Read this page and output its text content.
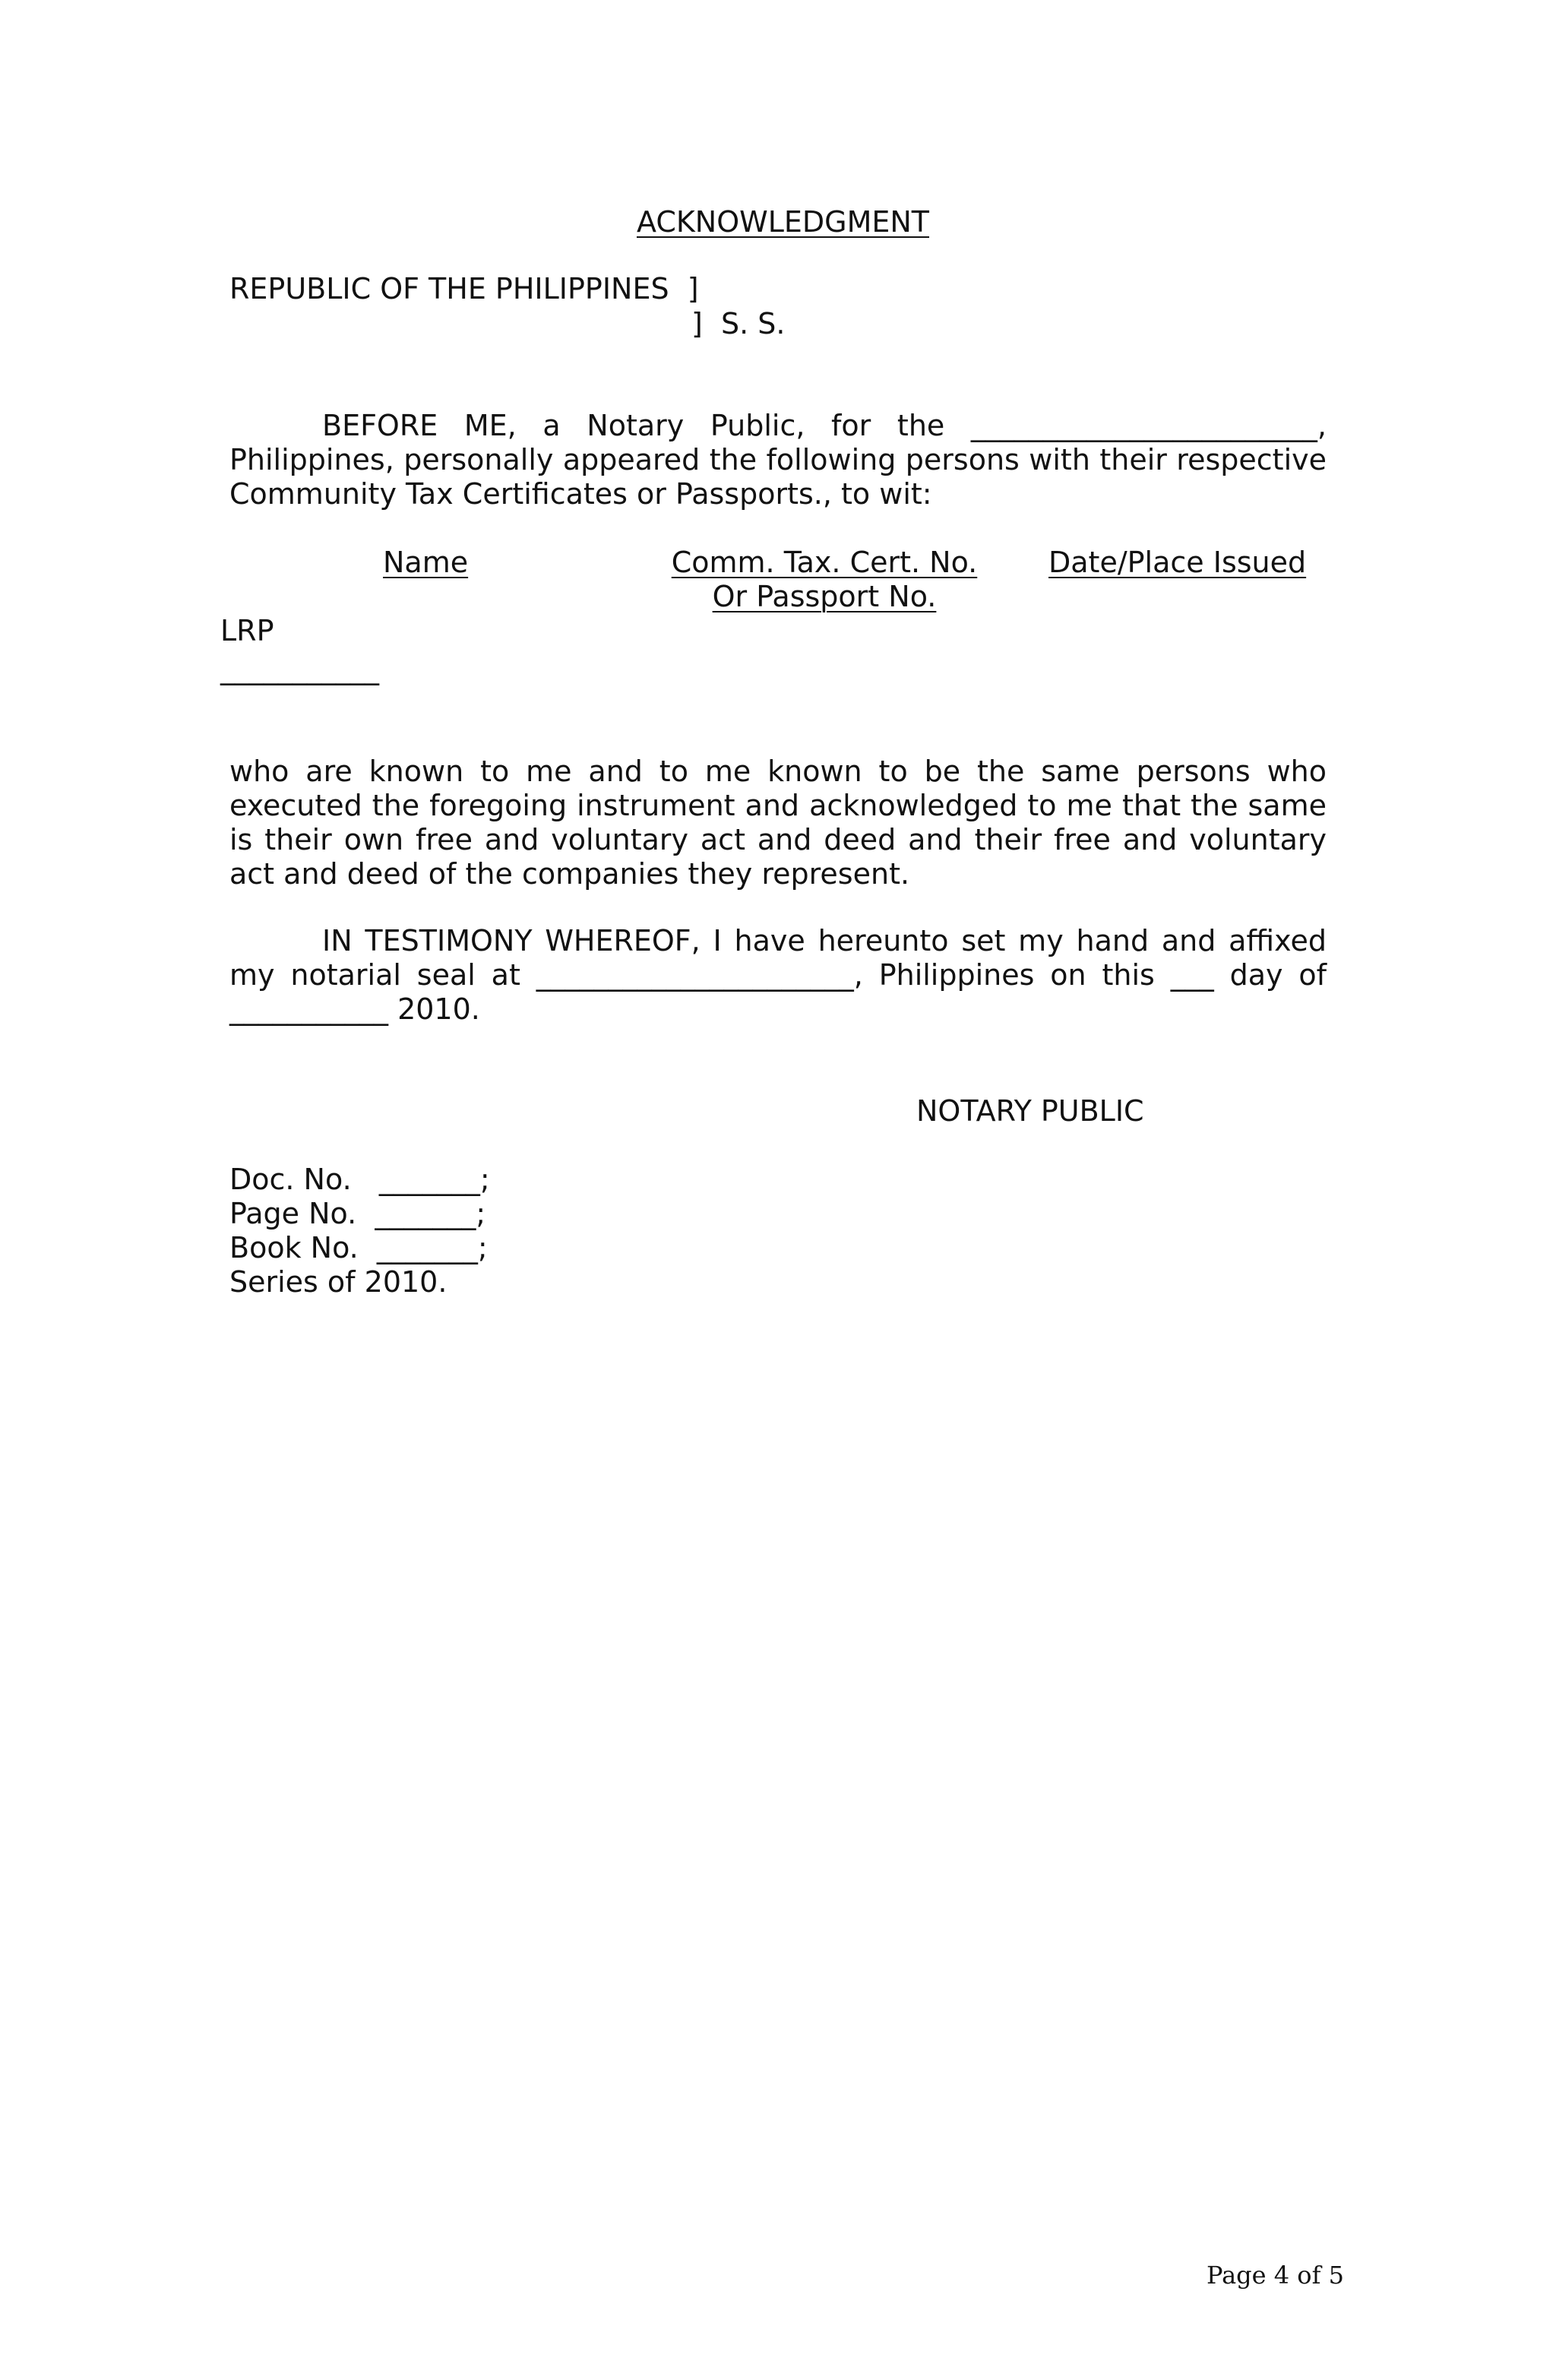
ACKNOWLEDGMENT
REPUBLIC OF THE PHILIPPINES  ]
]  S. S.
BEFORE ME, a Notary Public, for the ________________________, Philippines, personally appeared the following persons with their respective Community Tax Certificates or Passports., to wit:
Name	Comm. Tax. Cert. No.
Or Passport No.
Date/Place Issued
LRP
___________
who are known to me and to me known to be the same persons who executed the foregoing instrument and acknowledged to me that the same is their own free and voluntary act and deed and their free and voluntary act and deed of the companies they represent.
IN TESTIMONY WHEREOF, I have hereunto set my hand and affixed my notarial seal at ______________________, Philippines on this ___ day of ___________ 2010.
NOTARY PUBLIC
Doc. No.   _______;
Page No.  _______;
Book No.  _______;
Series of 2010.
Page 4 of 5
